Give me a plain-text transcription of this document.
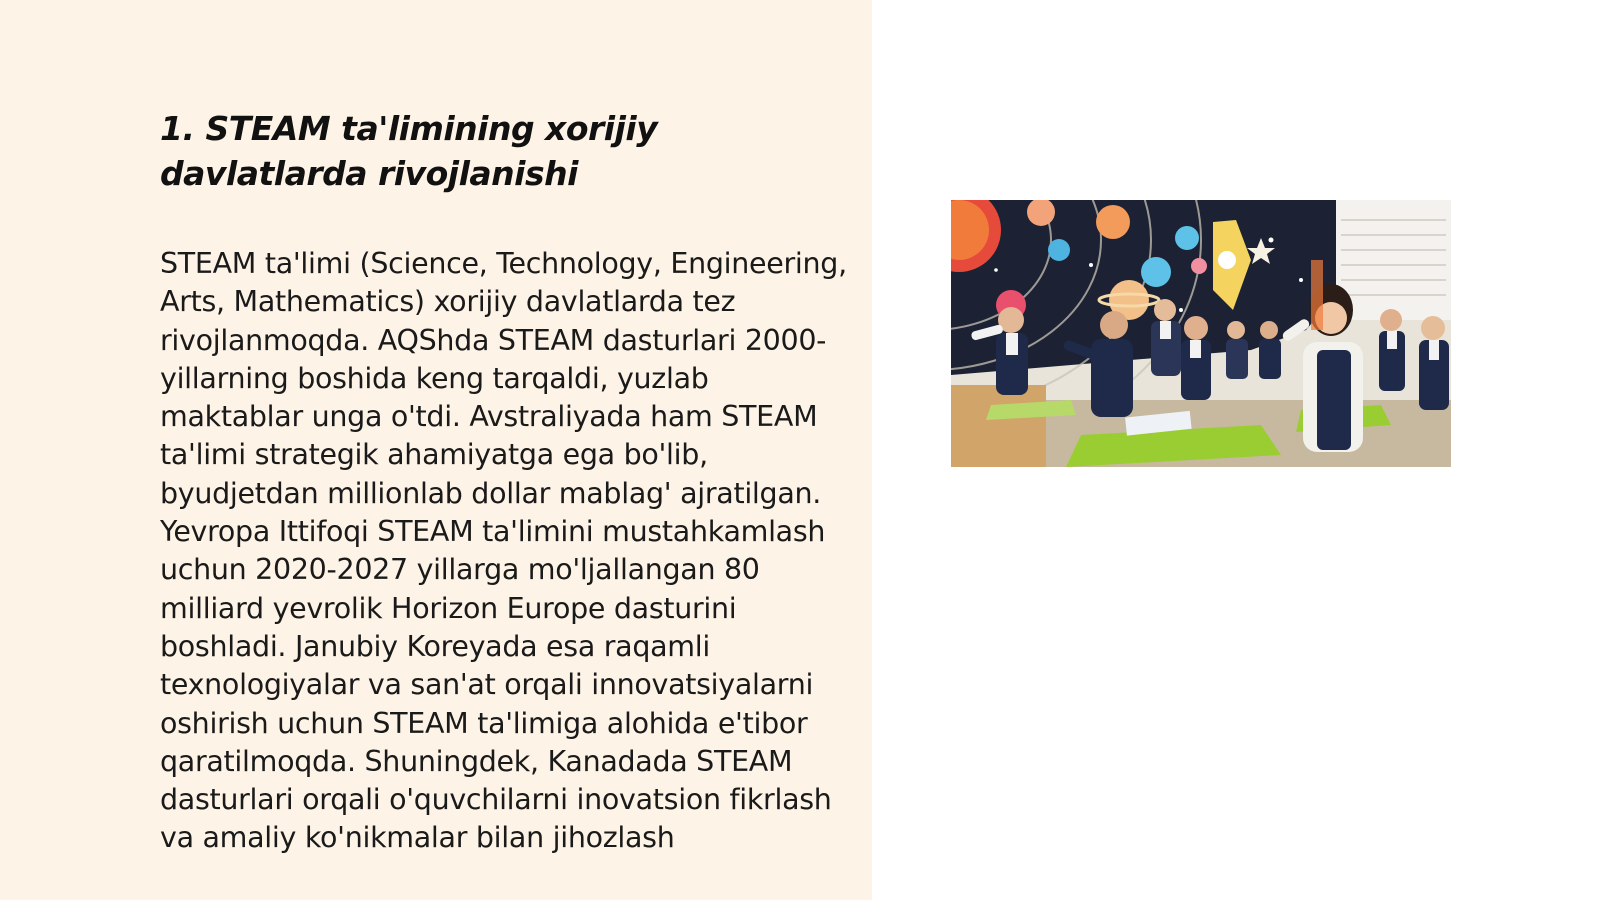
1. STEAM ta'limining xorijiy davlatlarda rivojlanishi

STEAM ta'limi (Science, Technology, Engineering, Arts, Mathematics) xorijiy davlatlarda tez rivojlanmoqda. AQShda STEAM dasturlari 2000-yillarning boshida keng tarqaldi, yuzlab maktablar unga o'tdi. Avstraliyada ham STEAM ta'limi strategik ahamiyatga ega bo'lib, byudjetdan millionlab dollar mablag' ajratilgan. Yevropa Ittifoqi STEAM ta'limini mustahkamlash uchun 2020-2027 yillarga mo'ljallangan 80 milliard yevrolik Horizon Europe dasturini boshladi. Janubiy Koreyada esa raqamli texnologiyalar va san'at orqali innovatsiyalarni oshirish uchun STEAM ta'limiga alohida e'tibor qaratilmoqda. Shuningdek, Kanadada STEAM dasturlari orqali o'quvchilarni inovatsion fikrlash va amaliy ko'nikmalar bilan jihozlash
